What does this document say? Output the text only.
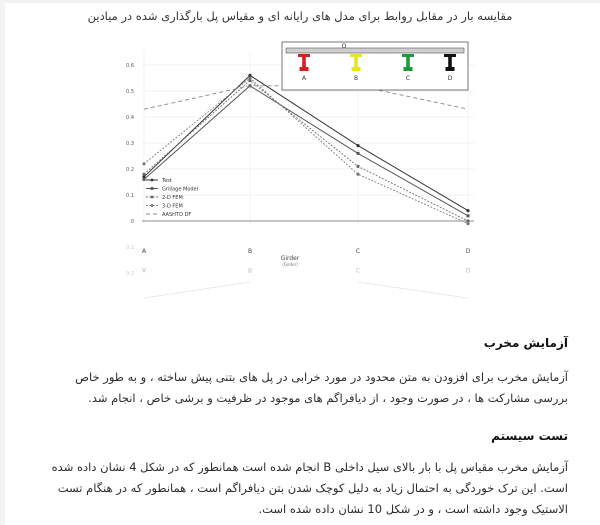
مقایسه بار در مقابل روابط برای مدل های رایانه ای و مقیاس پل بارگذاری شده در میادین
0
0.1
0.2
0.3
0.4
0.5
0.6
0.1
0.2
A	B	C	D
A	B	C	D
Girder
(Girder)
Test
Grillage Model
2-D FEM
3-D FEM
AASHTO DF
O
A	B	C	D
آزمایش مخرب
آزمایش مخرب برای افزودن به متن محدود در مورد خرابی در پل های بتنی پیش ساخته ، و به طور خاص بررسی مشارکت ها ، در صورت وجود ، از دیافراگم های موجود در ظرفیت و برشی خاص ، انجام شد.
تست سیستم
آزمایش مخرب مقیاس پل با بار بالای سیل داخلی B انجام شده است همانطور که در شکل 4 نشان داده شده است. این ترک خوردگی به احتمال زیاد به دلیل کوچک شدن بتن دیافراگم است ، همانطور که در هنگام تست الاستیک وجود داشته است ، و در شکل 10 نشان داده شده است.
